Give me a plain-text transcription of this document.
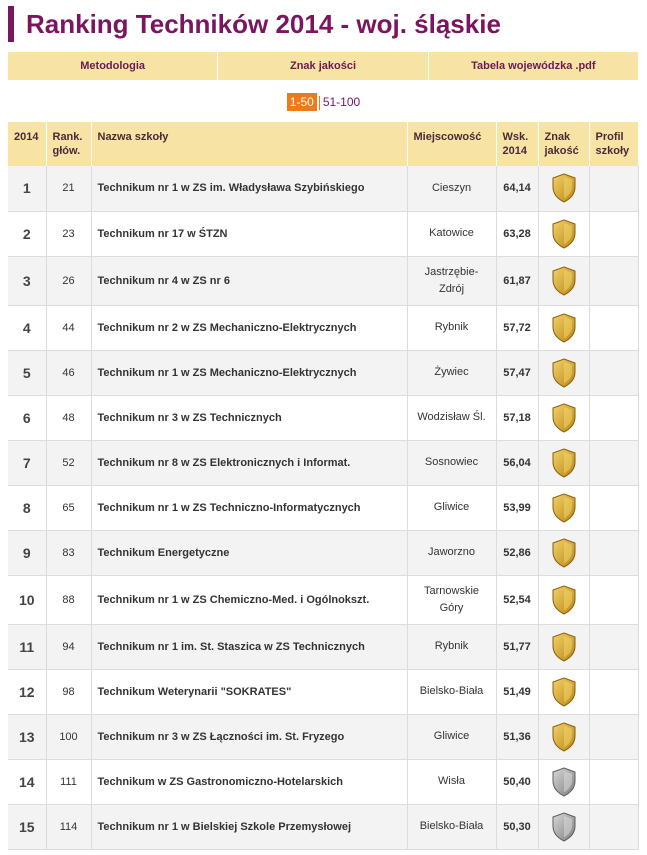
Ranking Techników 2014 - woj. śląskie
Metodologia	Znak jakości	Tabela wojewódzka .pdf
1-50 51-100
2014	Rank. głów.	Nazwa szkoły	Miejscowość	Wsk. 2014	Znak jakość	Profil szkoły
1	21	Technikum nr 1 w ZS im. Władysława Szybińskiego	Cieszyn	64,14		
2	23	Technikum nr 17 w ŚTZN	Katowice	63,28		
3	26	Technikum nr 4 w ZS nr 6	Jastrzębie-Zdrój	61,87		
4	44	Technikum nr 2 w ZS Mechaniczno-Elektrycznych	Rybnik	57,72		
5	46	Technikum nr 1 w ZS Mechaniczno-Elektrycznych	Żywiec	57,47		
6	48	Technikum nr 3 w ZS Technicznych	Wodzisław Śl.	57,18		
7	52	Technikum nr 8 w ZS Elektronicznych i Informat.	Sosnowiec	56,04		
8	65	Technikum nr 1 w ZS Techniczno-Informatycznych	Gliwice	53,99		
9	83	Technikum Energetyczne	Jaworzno	52,86		
10	88	Technikum nr 1 w ZS Chemiczno-Med. i Ogólnokszt.	Tarnowskie Góry	52,54		
11	94	Technikum nr 1 im. St. Staszica w ZS Technicznych	Rybnik	51,77		
12	98	Technikum Weterynarii "SOKRATES"	Bielsko-Biała	51,49		
13	100	Technikum nr 3 w ZS Łączności im. St. Fryzego	Gliwice	51,36		
14	111	Technikum w ZS Gastronomiczno-Hotelarskich	Wisła	50,40		
15	114	Technikum nr 1 w Bielskiej Szkole Przemysłowej	Bielsko-Biała	50,30		
